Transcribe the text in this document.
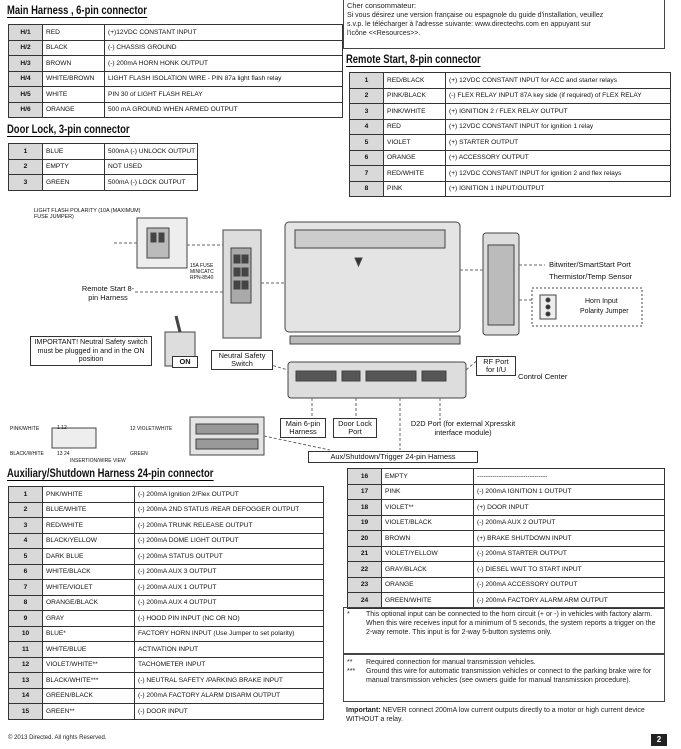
Main Harness , 6-pin connector
H/1	RED	(+)12VDC CONSTANT INPUT
H/2	BLACK	(-) CHASSIS GROUND
H/3	BROWN	(-) 200mA HORN HONK OUTPUT
H/4	WHITE/BROWN	LIGHT FLASH ISOLATION WIRE - PIN 87a light flash relay
H/5	WHITE	PIN 30 of LIGHT FLASH RELAY
H/6	ORANGE	500 mA GROUND WHEN ARMED OUTPUT
Door Lock, 3-pin connector
1	BLUE	500mA (-) UNLOCK OUTPUT
2	EMPTY	NOT USED
3	GREEN	500mA (-) LOCK OUTPUT
Cher consommateur:
Si vous désirez une version française ou espagnole du guide d'installation, veuillez
s.v.p. le télécharger à l'adresse suivante: www.directechs.com en appuyant sur
l'icône <<Resources>>.
Remote Start, 8-pin connector
1	RED/BLACK	(+) 12VDC CONSTANT INPUT for ACC and starter relays
2	PINK/BLACK	(-) FLEX RELAY INPUT 87A key side (if required) of FLEX RELAY
3	PINK/WHITE	(+) IGNITION 2 / FLEX RELAY OUTPUT
4	RED	(+) 12VDC CONSTANT INPUT for ignition 1 relay
5	VIOLET	(+) STARTER OUTPUT
6	ORANGE	(+) ACCESSORY OUTPUT
7	RED/WHITE	(+) 12VDC CONSTANT INPUT for ignition 2 and flex relays
8	PINK	(+) IGNITION 1 INPUT/OUTPUT
LIGHT FLASH POLARITY (10A (MAXIMUM) FUSE JUMPER)
15A FUSE
MINICATC
RPN-8540
Remote Start 8-pin Harness
IMPORTANT! Neutral Safety switch must be plugged in and in the ON position	ON
Neutral Safety Switch
Bitwriter/SmartStart Port
Thermistor/Temp Sensor
Horn Input
Polarity Jumper
RF Port for I/U
Control Center
Main 6-pin Harness
Door Lock Port
D2D Port (for external Xpresskit interface module)
Aux/Shutdown/Trigger 24-pin Harness
PINK/WHITE	1 12	12 VIOLET/WHITE
BLACK/WHITE	13 24	GREEN
INSERTION/WIRE VIEW
Auxiliary/Shutdown Harness 24-pin connector
1	PNK/WHITE	(-) 200mA Ignition 2/Flex OUTPUT
2	BLUE/WHITE	(-) 200mA 2ND STATUS /REAR DEFOGGER OUTPUT
3	RED/WHITE	(-) 200mA TRUNK RELEASE OUTPUT
4	BLACK/YELLOW	(-) 200mA DOME LIGHT OUTPUT
5	DARK BLUE	(-) 200mA STATUS OUTPUT
6	WHITE/BLACK	(-) 200mA AUX 3 OUTPUT
7	WHITE/VIOLET	(-) 200mA AUX 1 OUTPUT
8	ORANGE/BLACK	(-) 200mA AUX 4 OUTPUT
9	GRAY	(-) HOOD PIN INPUT (NC OR NO)
10	BLUE*	FACTORY HORN INPUT (Use Jumper to set polarity)
11	WHITE/BLUE	ACTIVATION INPUT
12	VIOLET/WHITE**	TACHOMETER INPUT
13	BLACK/WHITE***	(-) NEUTRAL SAFETY /PARKING BRAKE INPUT
14	GREEN/BLACK	(-) 200mA FACTORY ALARM DISARM OUTPUT
15	GREEN**	(-) DOOR INPUT
16	EMPTY	--------------------------------
17	PINK	(-) 200mA IGNITION 1 OUTPUT
18	VIOLET**	(+) DOOR INPUT
19	VIOLET/BLACK	(-) 200mA AUX 2 OUTPUT
20	BROWN	(+) BRAKE SHUTDOWN INPUT
21	VIOLET/YELLOW	(-) 200mA STARTER OUTPUT
22	GRAY/BLACK	(-) DIESEL WAIT TO START INPUT
23	ORANGE	(-) 200mA ACCESSORY OUTPUT
24	GREEN/WHITE	(-) 200mA FACTORY ALARM ARM OUTPUT
* This optional input can be connected to the horn circuit (+ or -) in vehicles with factory alarm. When this wire receives input for a minimum of 5 seconds, the system reports a trigger on the 2-way remote. This input is for 2-way 5-button systems only.
** Required connection for manual transmission vehicles.
*** Ground this wire for automatic transmission vehicles or connect to the parking brake wire for manual transmission vehicles (see owners guide for manual transmission procedure).
Important: NEVER connect 200mA low current outputs directly to a motor or high current device WITHOUT a relay.
© 2013 Directed. All rights Reserved.	2
